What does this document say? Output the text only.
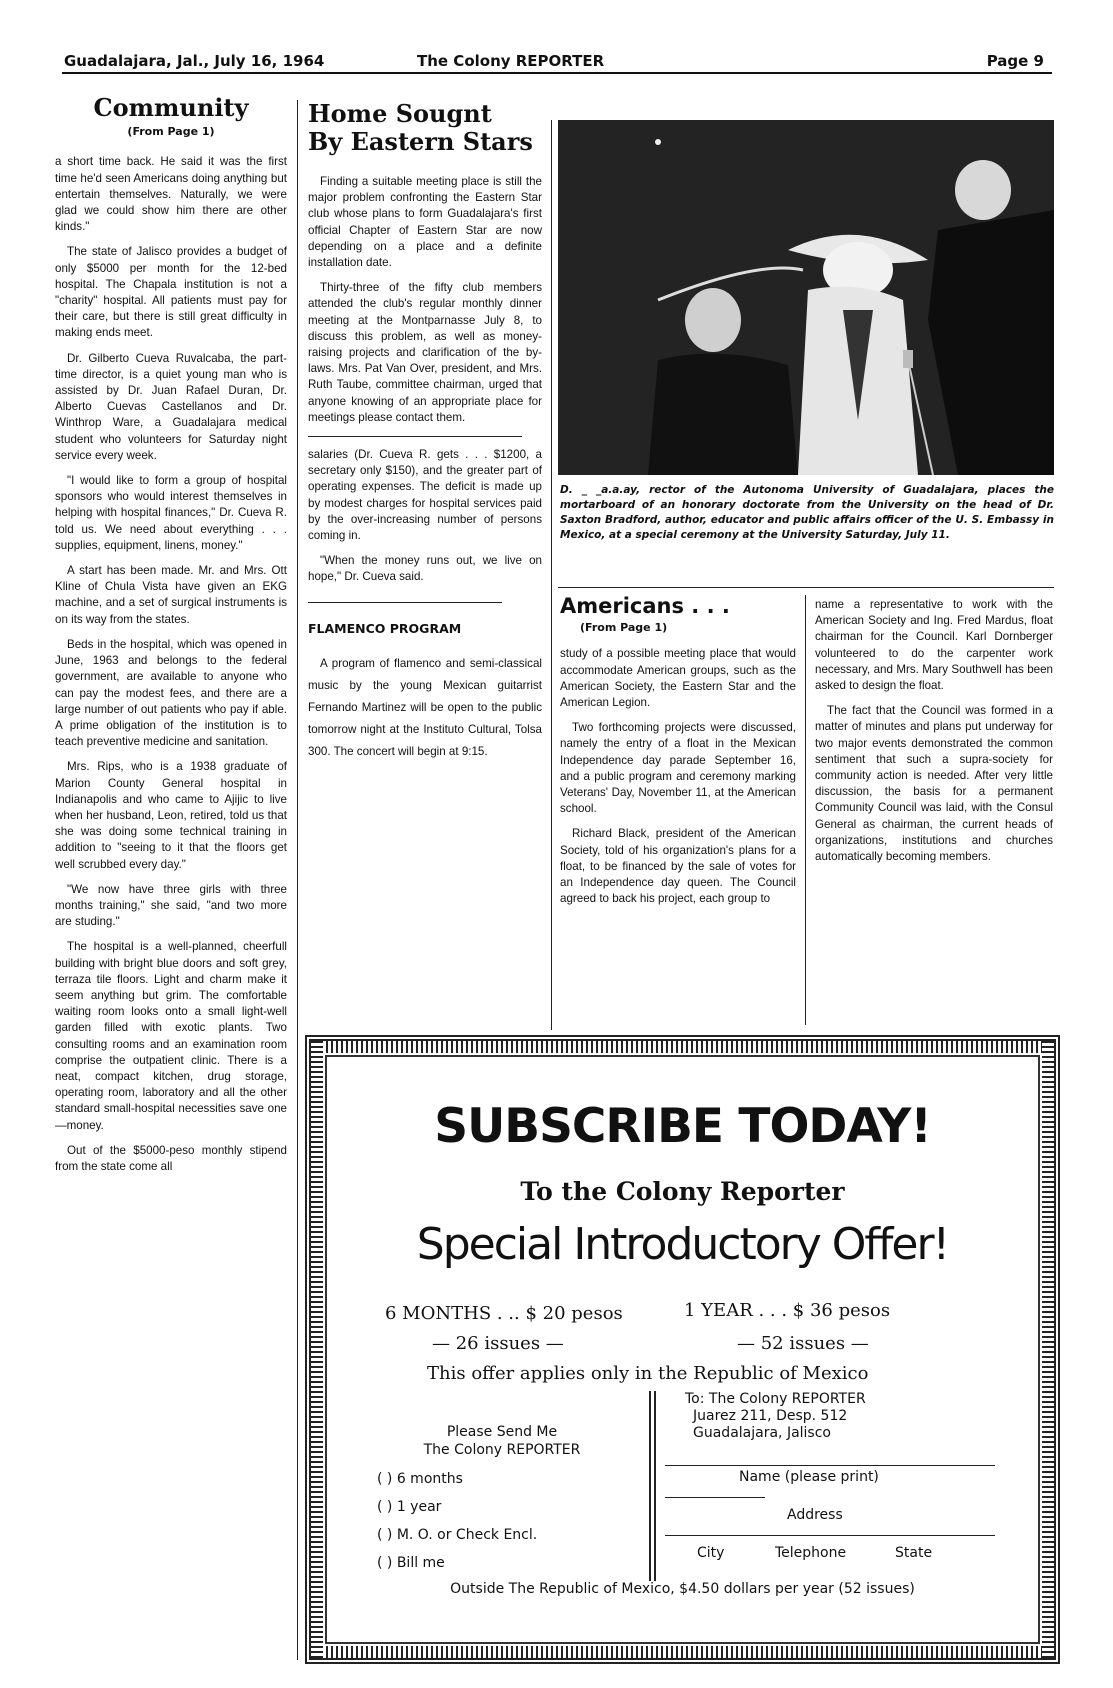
Guadalajara, Jal., July 16, 1964	The Colony REPORTER	Page 9
Community
(From Page 1)

a short time back. He said it was the first time he'd seen Americans doing anything but entertain themselves. Naturally, we were glad we could show him there are other kinds."

The state of Jalisco provides a budget of only $5000 per month for the 12-bed hospital. The Chapala institution is not a "charity" hospital. All patients must pay for their care, but there is still great difficulty in making ends meet.

Dr. Gilberto Cueva Ruvalcaba, the part-time director, is a quiet young man who is assisted by Dr. Juan Rafael Duran, Dr. Alberto Cuevas Castellanos and Dr. Winthrop Ware, a Guadalajara medical student who volunteers for Saturday night service every week.

"I would like to form a group of hospital sponsors who would interest themselves in helping with hospital finances," Dr. Cueva R. told us. We need about everything . . . supplies, equipment, linens, money."

A start has been made. Mr. and Mrs. Ott Kline of Chula Vista have given an EKG machine, and a set of surgical instruments is on its way from the states.

Beds in the hospital, which was opened in June, 1963 and belongs to the federal government, are available to anyone who can pay the modest fees, and there are a large number of out patients who pay if able. A prime obligation of the institution is to teach preventive medicine and sanitation.

Mrs. Rips, who is a 1938 graduate of Marion County General hospital in Indianapolis and who came to Ajijic to live when her husband, Leon, retired, told us that she was doing some technical training in addition to "seeing to it that the floors get well scrubbed every day."

"We now have three girls with three months training," she said, "and two more are studing."

The hospital is a well-planned, cheerfull building with bright blue doors and soft grey, terraza tile floors. Light and charm make it seem anything but grim. The comfortable waiting room looks onto a small light-well garden filled with exotic plants. Two consulting rooms and an examination room comprise the outpatient clinic. There is a neat, compact kitchen, drug storage, operating room, laboratory and all the other standard small-hospital necessities save one—money.

Out of the $5000-peso monthly stipend from the state come all

Home Sougnt
By Eastern Stars

Finding a suitable meeting place is still the major problem confronting the Eastern Star club whose plans to form Guadalajara's first official Chapter of Eastern Star are now depending on a place and a definite installation date.

Thirty-three of the fifty club members attended the club's regular monthly dinner meeting at the Montparnasse July 8, to discuss this problem, as well as money-raising projects and clarification of the by-laws. Mrs. Pat Van Over, president, and Mrs. Ruth Taube, committee chairman, urged that anyone knowing of an appropriate place for meetings please contact them.

salaries (Dr. Cueva R. gets . . . $1200, a secretary only $150), and the greater part of operating expenses. The deficit is made up by modest charges for hospital services paid by the over-increasing number of persons coming in.

"When the money runs out, we live on hope," Dr. Cueva said.

FLAMENCO PROGRAM

A program of flamenco and semi-classical music by the young Mexican guitarrist Fernando Martinez will be open to the public tomorrow night at the Instituto Cultural, Tolsa 300. The concert will begin at 9:15.

D. _ _a.a.ay, rector of the Autonoma University of Guadalajara, places the mortarboard of an honorary doctorate from the University on the head of Dr. Saxton Bradford, author, educator and public affairs officer of the U. S. Embassy in Mexico, at a special ceremony at the University Saturday, July 11.
Americans . . .
(From Page 1)

study of a possible meeting place that would accommodate American groups, such as the American Society, the Eastern Star and the American Legion.

Two forthcoming projects were discussed, namely the entry of a float in the Mexican Independence day parade September 16, and a public program and ceremony marking Veterans' Day, November 11, at the American school.

Richard Black, president of the American Society, told of his organization's plans for a float, to be financed by the sale of votes for an Independence day queen. The Council agreed to back his project, each group to

name a representative to work with the American Society and Ing. Fred Mardus, float chairman for the Council. Karl Dornberger volunteered to do the carpenter work necessary, and Mrs. Mary Southwell has been asked to design the float.

The fact that the Council was formed in a matter of minutes and plans put underway for two major events demonstrated the common sentiment that such a supra-society for community action is needed. After very little discussion, the basis for a permanent Community Council was laid, with the Consul General as chairman, the current heads of organizations, institutions and churches automatically becoming members.

SUBSCRIBE TODAY!
To the Colony Reporter
Special Introductory Offer!
6 MONTHS . .. $ 20 pesos
— 26 issues —
1 YEAR . . . $ 36 pesos
— 52 issues —
This offer applies only in the Republic of Mexico
Please Send Me
The Colony REPORTER
( ) 6 months
( ) 1 year
( ) M. O. or Check Encl.
( ) Bill me
To: The Colony REPORTER
Juarez 211, Desp. 512
Guadalajara, Jalisco
Name (please print)
Address
City	Telephone	State
Outside The Republic of Mexico, $4.50 dollars per year (52 issues)
